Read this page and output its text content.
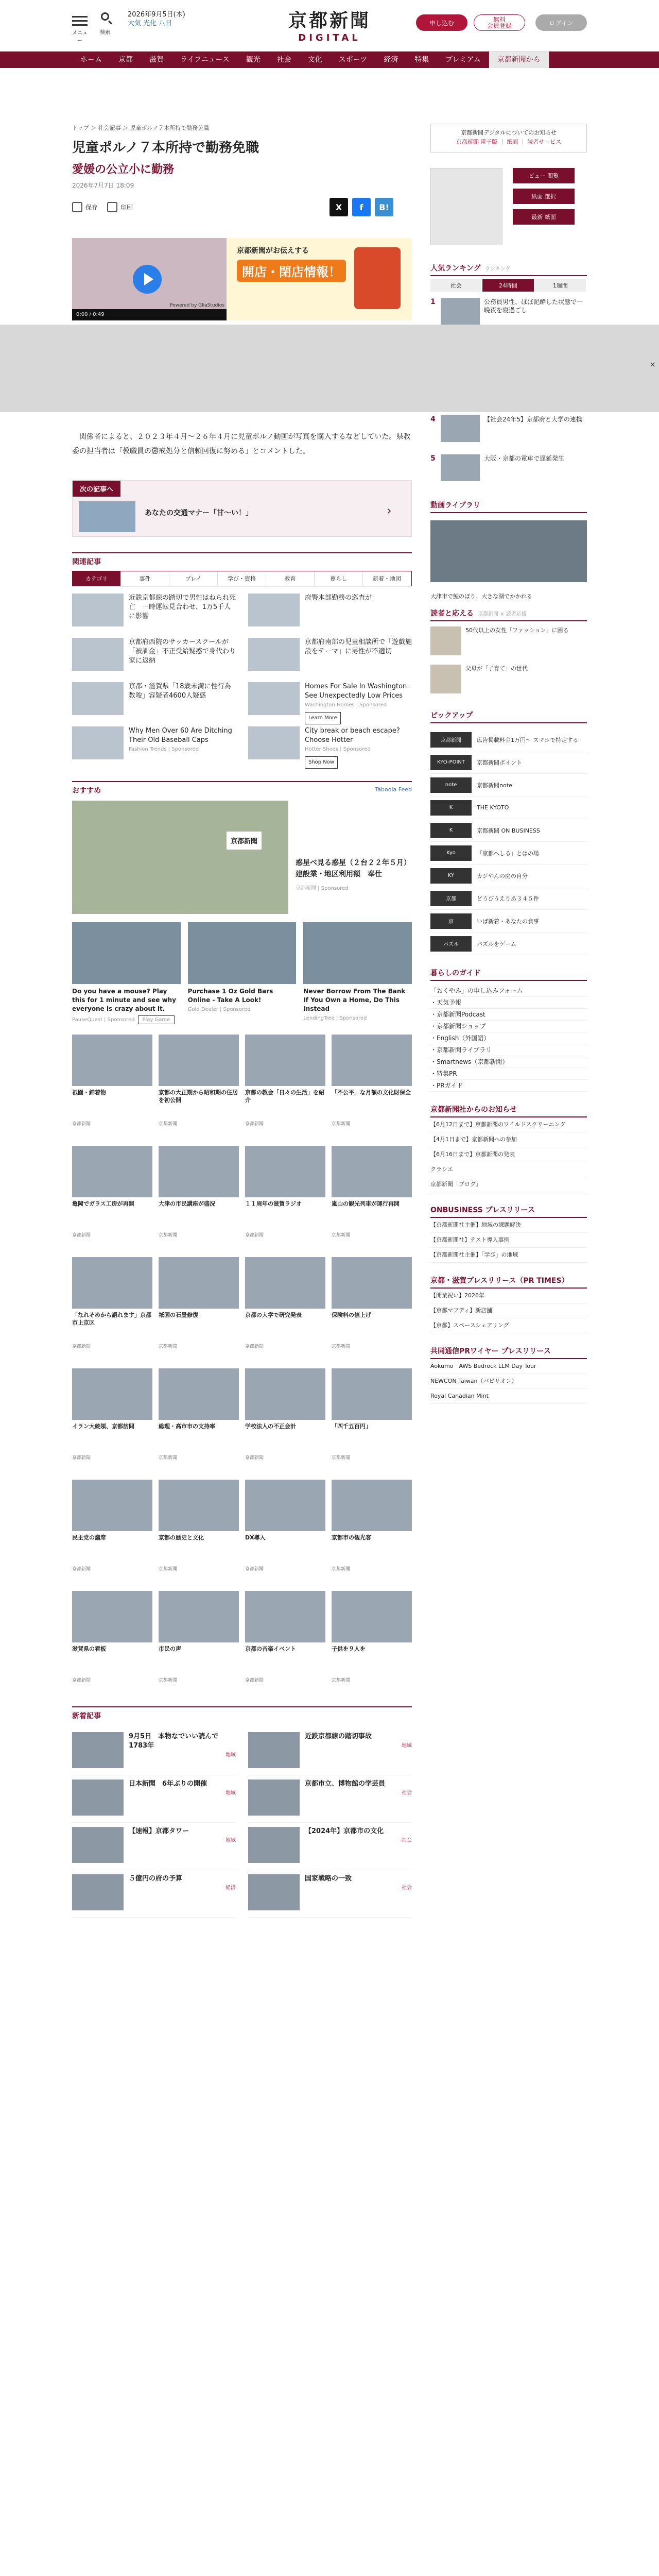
メニュー
検索
2026年9月5日(木)
大気 光化 八日	京都新聞
DIGITAL
申し込む	無料
会員登録	ログイン
ホーム	京都	滋賀	ライフニュース	観光	社会	文化	スポーツ	経済	特集	プレミアム	京都新聞から
トップ ＞ 社会記事 ＞ 児童ポルノ７本所持で勤務免職
児童ポルノ７本所持で勤務免職
愛媛の公立小に勤務
2026年7月7日 18:09
保存	印刷	X f B!
Powered by GliaStudios
0:00 / 0:49
京都新聞がお伝えする
開店・閉店情報！
　関係者によると、２０２３年４月～２６年４月に児童ポルノ動画が写真を購入するなどしていた。県教委の担当者は「教職員の懲戒処分と信頼回復に努める」とコメントした。
次の記事へ
あなたの交通マナー「甘〜い！」	›
関連記事
カテゴリ	事件	ブレイ	学び・資格	教育	暮らし	新着・地図
近鉄京都線の踏切で男性はねられ死亡　一時運転見合わせ、1万5千人に影響
府警本部勤務の巡査が
京都府西院のサッカースクールが「被訓金」不正受給疑惑で身代わり家に返納
京都府南部の児童相談所で「遊戯施設をテーマ」に男性が不適切
京都・滋賀県「18歳未満に性行為教唆」容疑者4600人疑惑
Homes For Sale In Washington: See Unexpectedly Low Prices
Washington Homes | Sponsored
Learn More
Why Men Over 60 Are Ditching Their Old Baseball Caps
Fashion Trends | Sponsored
City break or beach escape? Choose Hotter
Hotter Shoes | Sponsored
Shop Now
おすすめ	Taboola Feed
京都新聞
惑星べ見る惑星（２台２２年５月）建設業・地区利用額　奉仕
京都新聞 | Sponsored
Do you have a mouse? Play this for 1 minute and see why everyone is crazy about it.
PauseQuest | Sponsored Play Game
Purchase 1 Oz Gold Bars Online - Take A Look!
Gold Dealer | Sponsored
Never Borrow From The Bank If You Own a Home, Do This Instead
LendingTree | Sponsored
祇園・錦着物
京都新聞
京都の大正期から昭和期の住居を初公開
京都新聞
京都の教会「日々の生活」を紹介
京都新聞
「不公平」な月額の文化財保全
京都新聞
亀岡でガラス工房が再開
京都新聞
大津の市民講座が盛況
京都新聞
１１周年の滋賀ラジオ
京都新聞
嵐山の観光列車が運行再開
京都新聞
「なれそめから語れます」京都市上京区
京都新聞
祇園の石畳修復
京都新聞
京都の大学で研究発表
京都新聞
保険料の値上げ
京都新聞
イラン大統領、京都訪問
京都新聞
総理・高市市の支持率
京都新聞
学校法人の不正会計
京都新聞
「四千五百円」
京都新聞
民主党の議席
京都新聞
京都の歴史と文化
京都新聞
DX導入
京都新聞
京都市の観光客
京都新聞
滋賀県の看板
京都新聞
市民の声
京都新聞
京都の音楽イベント
京都新聞
子供を９人を
京都新聞
新着記事
9月5日　本物なでいい読んで1783年
地域
近鉄京都線の踏切事故
地域
日本新聞　6年ぶりの開催
地域
京都市立、博物館の学芸員
社会
【速報】京都タワー
地域
【2024年】京都市の文化
社会
５億円の府の予算
経済
国家戦略の一致
社会
京都新聞デジタルについてのお知らせ
京都新聞 電子版 ｜ 紙面 ｜ 読者サービス
ビュー 閲覧
紙面 選択
最新 紙面
人気ランキング ランキング
社会	24時間	1週間
1	公務員男性、ほぼ泥酔した状態で一晩夜を寝過ごし
4	【社会24年5】京都府と大学の連携
5	大阪・京都の電車で遅延発生
動画ライブラリ
大津市で鯉のぼり、大きな湖でかかれる
読者と応える 京都新聞 × 読者応援
50代以上の女性「ファッション」に困る
父母が「子育て」の世代
ピックアップ
京都新聞	広告掲載料金1万円〜 スマホで特定する
KYO-POINT	京都新聞ポイント
note	京都新聞note
K	THE KYOTO
K	京都新聞 ON BUSINESS
Kyo	「京都へしる」とはの場
KY	カジやんの庭の自分
京都	どうびうえりあ３４５件
京	いば新着・あなたの食事
パズル	パズルをゲーム
暮らしのガイド
「おくやみ」の申し込みフォーム
・天気予報
・京都新聞Podcast
・京都新聞ショップ
・English（外国語）
・京都新聞ライブラリ
・Smartnews（京都新聞）
・特集PR
・PRガイド
京都新聞社からのお知らせ
【6月12日まで】京都新聞のワイルドスクリーニング
【4月1日まで】京都新聞への参加
【6月16日まで】京都新聞の発表
クラシエ
京都新聞「ブログ」
ONBUSINESS プレスリリース
【京都新聞社主催】地域の課題解決
【京都新聞社】テスト導入事例
【京都新聞社主催】「学び」の地域
京都・滋賀プレスリリース（PR TIMES）
【開業祝い】2026年
【京都マフディ】新店舗
【京都】スペースシェアリング
共同通信PRワイヤー プレスリリース
Aokumo　AWS Bedrock LLM Day Tour
NEWCON Taiwan（パビリオン）
Royal Canadian Mint
×
